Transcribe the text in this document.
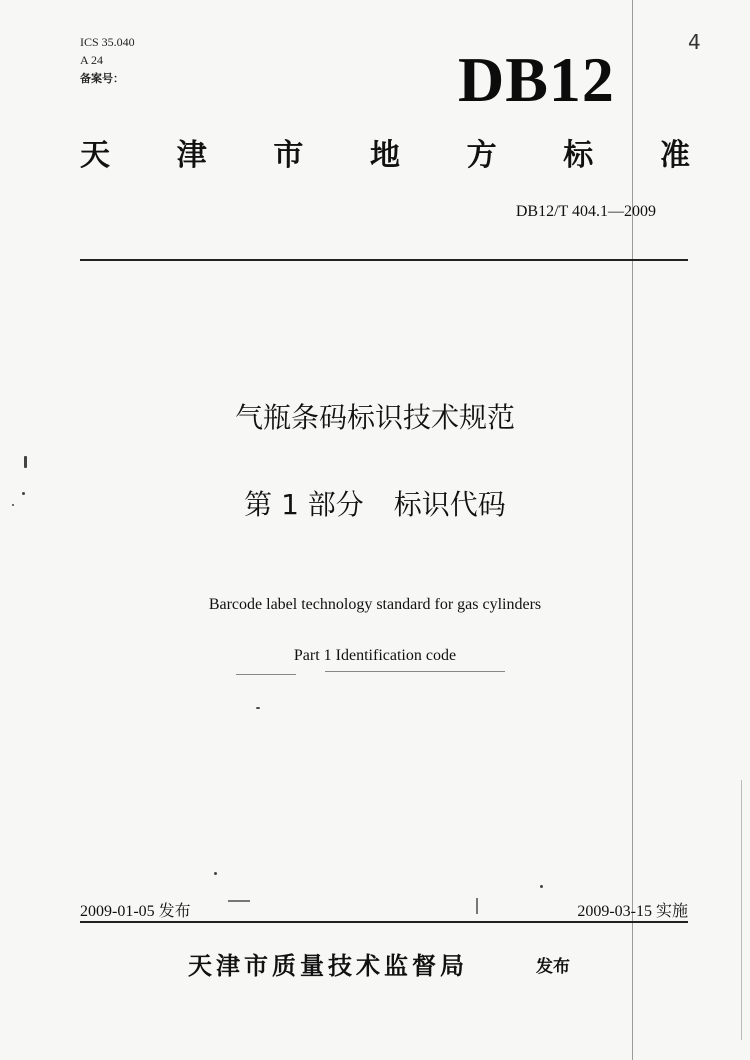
ICS 35.040
A 24
备案号：	DB12
4
天 津 市 地 方 标 准
DB12/T 404.1—2009
气瓶条码标识技术规范
第 1 部分 标识代码
Barcode label technology standard for gas cylinders
Part 1 Identification code
2009-01-05 发布	2009-03-15 实施
天津市质量技术监督局	发布
